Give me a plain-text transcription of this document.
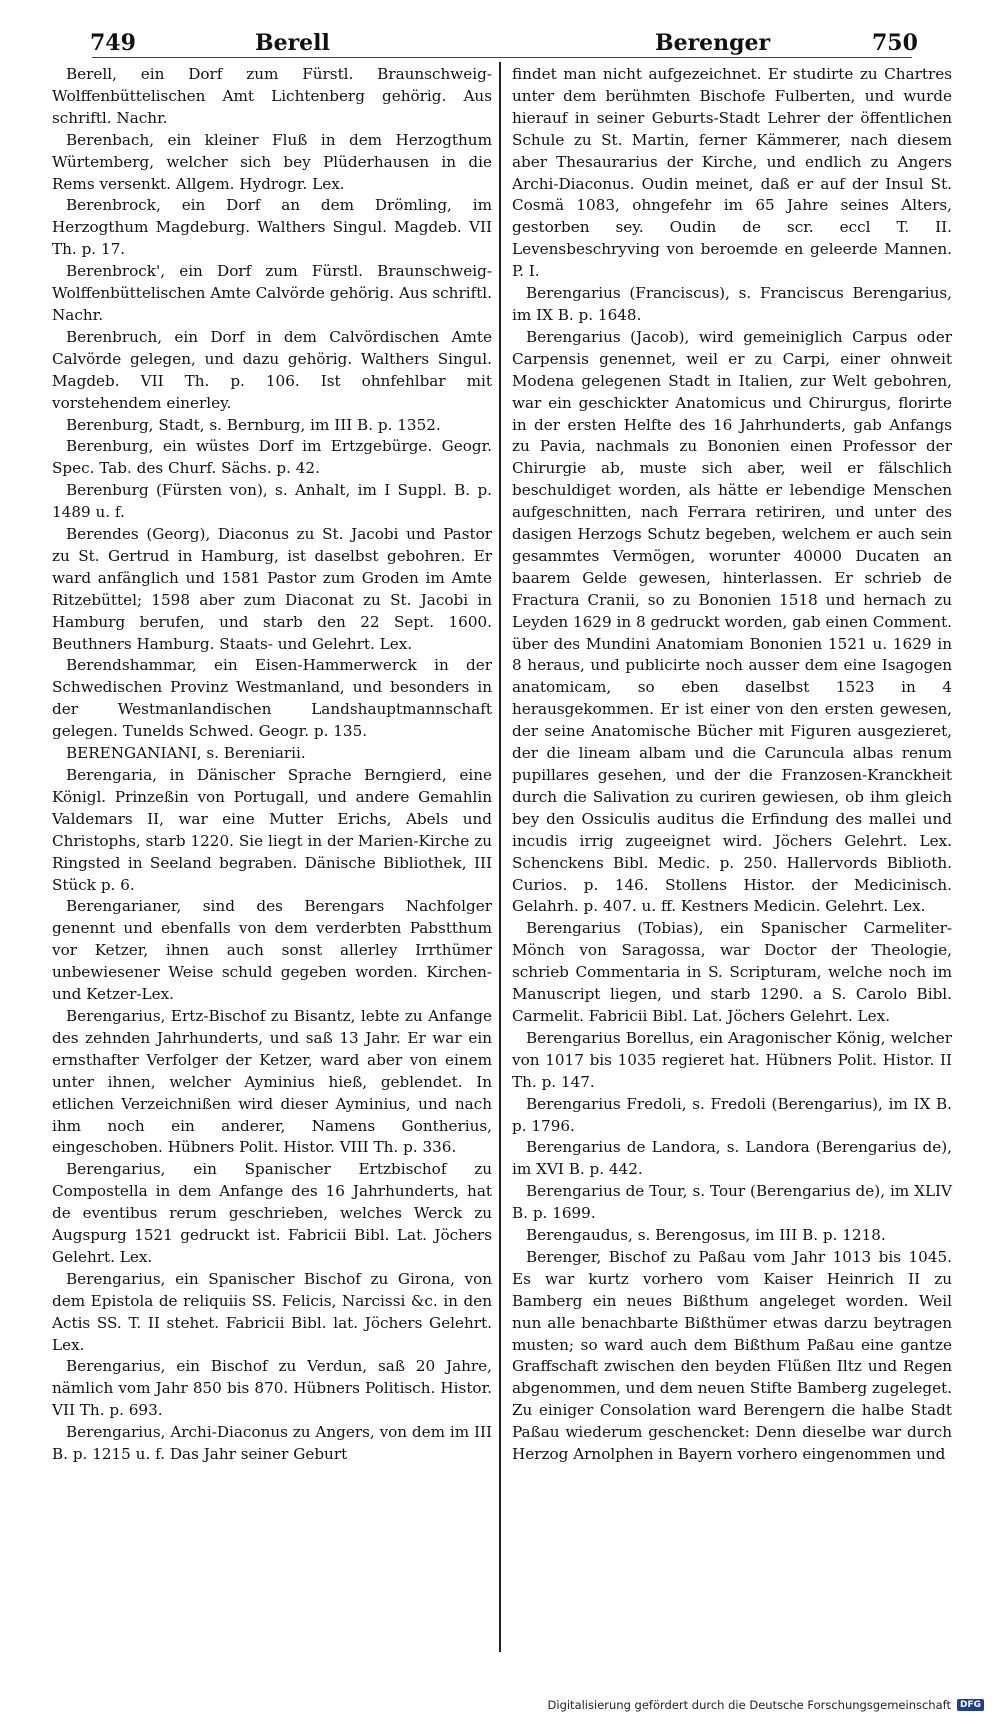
749	Berell	Berenger	750

Berell, ein Dorf zum Fürstl. Braunschweig-Wolffenbüttelischen Amt Lichtenberg gehörig. Aus schriftl. Nachr.

Berenbach, ein kleiner Fluß in dem Herzogthum Würtemberg, welcher sich bey Plüderhausen in die Rems versenkt. Allgem. Hydrogr. Lex.

Berenbrock, ein Dorf an dem Drömling, im Herzogthum Magdeburg. Walthers Singul. Magdeb. VII Th. p. 17.

Berenbrock', ein Dorf zum Fürstl. Braunschweig-Wolffenbüttelischen Amte Calvörde gehörig. Aus schriftl. Nachr.

Berenbruch, ein Dorf in dem Calvördischen Amte Calvörde gelegen, und dazu gehörig. Walthers Singul. Magdeb. VII Th. p. 106. Ist ohnfehlbar mit vorstehendem einerley.

Berenburg, Stadt, s. Bernburg, im III B. p. 1352.

Berenburg, ein wüstes Dorf im Ertzgebürge. Geogr. Spec. Tab. des Churf. Sächs. p. 42.

Berenburg (Fürsten von), s. Anhalt, im I Suppl. B. p. 1489 u. f.

Berendes (Georg), Diaconus zu St. Jacobi und Pastor zu St. Gertrud in Hamburg, ist daselbst gebohren. Er ward anfänglich und 1581 Pastor zum Groden im Amte Ritzebüttel; 1598 aber zum Diaconat zu St. Jacobi in Hamburg berufen, und starb den 22 Sept. 1600. Beuthners Hamburg. Staats- und Gelehrt. Lex.

Berendshammar, ein Eisen-Hammerwerck in der Schwedischen Provinz Westmanland, und besonders in der Westmanlandischen Landshauptmannschaft gelegen. Tunelds Schwed. Geogr. p. 135.

BERENGANIANI, s. Bereniarii.

Berengaria, in Dänischer Sprache Berngierd, eine Königl. Prinzeßin von Portugall, und andere Gemahlin Valdemars II, war eine Mutter Erichs, Abels und Christophs, starb 1220. Sie liegt in der Marien-Kirche zu Ringsted in Seeland begraben. Dänische Bibliothek, III Stück p. 6.

Berengarianer, sind des Berengars Nachfolger genennt und ebenfalls von dem verderbten Pabstthum vor Ketzer, ihnen auch sonst allerley Irrthümer unbewiesener Weise schuld gegeben worden. Kirchen- und Ketzer-Lex.

Berengarius, Ertz-Bischof zu Bisantz, lebte zu Anfange des zehnden Jahrhunderts, und saß 13 Jahr. Er war ein ernsthafter Verfolger der Ketzer, ward aber von einem unter ihnen, welcher Ayminius hieß, geblendet. In etlichen Verzeichnißen wird dieser Ayminius, und nach ihm noch ein anderer, Namens Gontherius, eingeschoben. Hübners Polit. Histor. VIII Th. p. 336.

Berengarius, ein Spanischer Ertzbischof zu Compostella in dem Anfange des 16 Jahrhunderts, hat de eventibus rerum geschrieben, welches Werck zu Augspurg 1521 gedruckt ist. Fabricii Bibl. Lat. Jöchers Gelehrt. Lex.

Berengarius, ein Spanischer Bischof zu Girona, von dem Epistola de reliquiis SS. Felicis, Narcissi &c. in den Actis SS. T. II stehet. Fabricii Bibl. lat. Jöchers Gelehrt. Lex.

Berengarius, ein Bischof zu Verdun, saß 20 Jahre, nämlich vom Jahr 850 bis 870. Hübners Politisch. Histor. VII Th. p. 693.

Berengarius, Archi-Diaconus zu Angers, von dem im III B. p. 1215 u. f. Das Jahr seiner Geburt

findet man nicht aufgezeichnet. Er studirte zu Chartres unter dem berühmten Bischofe Fulberten, und wurde hierauf in seiner Geburts-Stadt Lehrer der öffentlichen Schule zu St. Martin, ferner Kämmerer, nach diesem aber Thesaurarius der Kirche, und endlich zu Angers Archi-Diaconus. Oudin meinet, daß er auf der Insul St. Cosmä 1083, ohngefehr im 65 Jahre seines Alters, gestorben sey. Oudin de scr. eccl T. II. Levensbeschryving von beroemde en geleerde Mannen. P. I.

Berengarius (Franciscus), s. Franciscus Berengarius, im IX B. p. 1648.

Berengarius (Jacob), wird gemeiniglich Carpus oder Carpensis genennet, weil er zu Carpi, einer ohnweit Modena gelegenen Stadt in Italien, zur Welt gebohren, war ein geschickter Anatomicus und Chirurgus, florirte in der ersten Helfte des 16 Jahrhunderts, gab Anfangs zu Pavia, nachmals zu Bononien einen Professor der Chirurgie ab, muste sich aber, weil er fälschlich beschuldiget worden, als hätte er lebendige Menschen aufgeschnitten, nach Ferrara retiriren, und unter des dasigen Herzogs Schutz begeben, welchem er auch sein gesammtes Vermögen, worunter 40000 Ducaten an baarem Gelde gewesen, hinterlassen. Er schrieb de Fractura Cranii, so zu Bononien 1518 und hernach zu Leyden 1629 in 8 gedruckt worden, gab einen Comment. über des Mundini Anatomiam Bononien 1521 u. 1629 in 8 heraus, und publicirte noch ausser dem eine Isagogen anatomicam, so eben daselbst 1523 in 4 herausgekommen. Er ist einer von den ersten gewesen, der seine Anatomische Bücher mit Figuren ausgezieret, der die lineam albam und die Caruncula albas renum pupillares gesehen, und der die Franzosen-Kranckheit durch die Salivation zu curiren gewiesen, ob ihm gleich bey den Ossiculis auditus die Erfindung des mallei und incudis irrig zugeeignet wird. Jöchers Gelehrt. Lex. Schenckens Bibl. Medic. p. 250. Hallervords Biblioth. Curios. p. 146. Stollens Histor. der Medicinisch. Gelahrh. p. 407. u. ff. Kestners Medicin. Gelehrt. Lex.

Berengarius (Tobias), ein Spanischer Carmeliter-Mönch von Saragossa, war Doctor der Theologie, schrieb Commentaria in S. Scripturam, welche noch im Manuscript liegen, und starb 1290. a S. Carolo Bibl. Carmelit. Fabricii Bibl. Lat. Jöchers Gelehrt. Lex.

Berengarius Borellus, ein Aragonischer König, welcher von 1017 bis 1035 regieret hat. Hübners Polit. Histor. II Th. p. 147.

Berengarius Fredoli, s. Fredoli (Berengarius), im IX B. p. 1796.

Berengarius de Landora, s. Landora (Berengarius de), im XVI B. p. 442.

Berengarius de Tour, s. Tour (Berengarius de), im XLIV B. p. 1699.

Berengaudus, s. Berengosus, im III B. p. 1218.

Berenger, Bischof zu Paßau vom Jahr 1013 bis 1045. Es war kurtz vorhero vom Kaiser Heinrich II zu Bamberg ein neues Bißthum angeleget worden. Weil nun alle benachbarte Bißthümer etwas darzu beytragen musten; so ward auch dem Bißthum Paßau eine gantze Graffschaft zwischen den beyden Flüßen Iltz und Regen abgenommen, und dem neuen Stifte Bamberg zugeleget. Zu einiger Consolation ward Berengern die halbe Stadt Paßau wiederum geschencket: Denn dieselbe war durch Herzog Arnolphen in Bayern vorhero eingenommen und

Digitalisierung gefördert durch die Deutsche Forschungsgemeinschaft	DFG
